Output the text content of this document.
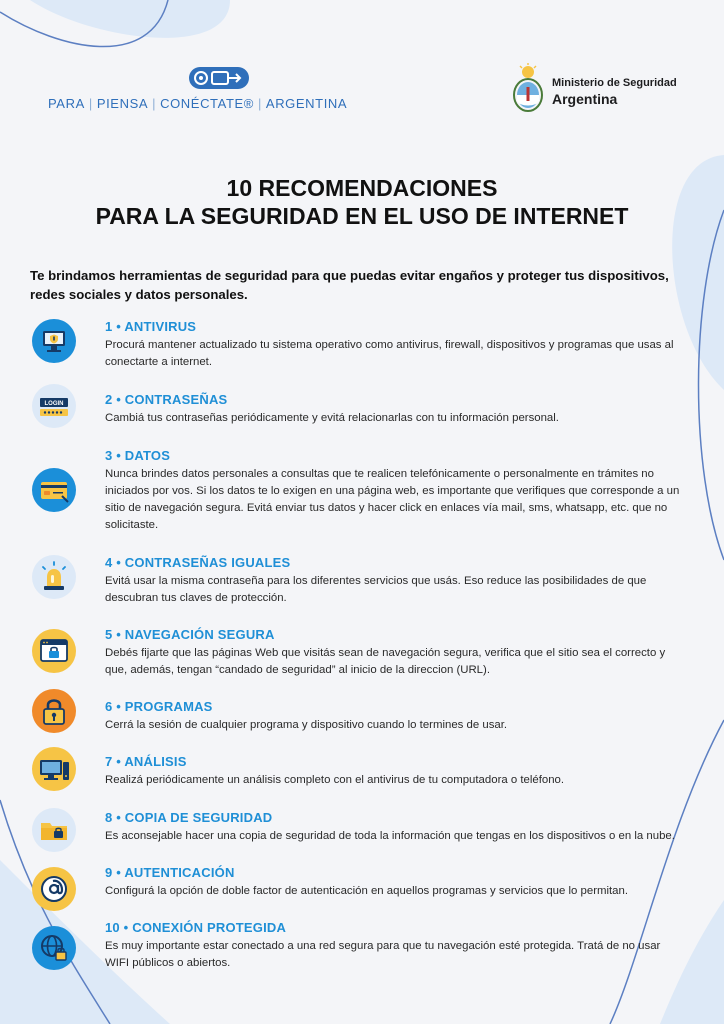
PARA | PIENSA | CONÉCTATE® | ARGENTINA
Ministerio de Seguridad
Argentina
10 RECOMENDACIONES
PARA LA SEGURIDAD EN EL USO DE INTERNET
Te brindamos herramientas de seguridad para que puedas evitar engaños y proteger tus dispositivos, redes sociales y datos personales.
1 • ANTIVIRUS
Procurá mantener actualizado tu sistema operativo como antivirus, firewall, dispositivos y programas que usas al conectarte a internet.
LOGIN	2 • CONTRASEÑAS
Cambiá tus contraseñas periódicamente y evitá relacionarlas con tu información personal.
3 • DATOS
Nunca brindes datos personales a consultas que te realicen telefónicamente o personalmente en trámites no iniciados por vos. Si los datos te lo exigen en una página web, es importante que verifiques que corresponde a un sitio de navegación segura. Evitá enviar tus datos y hacer click en enlaces vía mail, sms, whatsapp, etc. que no solicitaste.
4 • CONTRASEÑAS IGUALES
Evitá usar la misma contraseña para los diferentes servicios que usás. Eso reduce las posibilidades de que descubran tus claves de protección.
5 • NAVEGACIÓN SEGURA
Debés fijarte que las páginas Web que visitás sean de navegación segura, verifica que el sitio sea el correcto y que, además, tengan “candado de seguridad” al inicio de la direccion (URL).
6 • PROGRAMAS
Cerrá la sesión de cualquier programa y dispositivo cuando lo termines de usar.
7 • ANÁLISIS
Realizá periódicamente un análisis completo con el antivirus de tu computadora o teléfono.
8 • COPIA DE SEGURIDAD
Es aconsejable hacer una copia de seguridad de toda la información que tengas en los dispositivos o en la nube.
9 • AUTENTICACIÓN
Configurá la opción de doble factor de autenticación en aquellos programas y servicios que lo permitan.
10 • CONEXIÓN PROTEGIDA
Es muy importante estar conectado a una red segura para que tu navegación esté protegida. Tratá de no usar WIFI públicos o abiertos.
